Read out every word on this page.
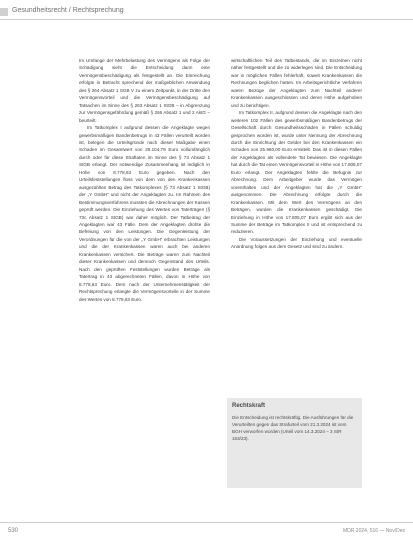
Gesundheitsrecht / Rechtsprechung

Im Umfange der Mehrbelastung des Vermögens als Folge der Schädigung sieht die Entscheidung dann eine Vermögensbeschädigung als festgestellt an. Die Einreichung erfolgte in Betracht sprechend der maßgeblichen Anwendung des § 264 Absatz 1 SGB V zu einem Zeitpunkt, in der Dritte den Vermögensvorteil und die Vermögensbeschädigung auf Tatsachen im Sinne des § 263 Absatz 1 StGB – in Abgrenzung zur Vermögensgefährdung gemäß § 266 Absatz 1 und 2 AktG – beurteilt.

Im Tatkomplex I aufgrund dessen die Angeklagte wegen gewerbsmäßigen Bandenbetrugs in 43 Fällen verurteilt worden ist, belegen die Urteilsgründe nach dieser Maßgabe einen Schaden im Gesamtwert von 26.104,79 Euro vollumfänglich durch oder für diese Straftaten im Sinne des § 73 Absatz 1 StGB erlangt. Der notwendige Zusammenhang ist lediglich in Höhe von 8.778,63 Euro gegeben. Nach den Urteilsfeststellungen floss von dem von den Krankenkassen ausgezahlten Betrag des Tatkomplexes (§ 73 Absatz 1 StGB) der „Y GmbH“ und nicht der Angeklagten zu. Im Rahmen des Bestimmungsverfahrens mussten die Abrechnungen der Kassen geprüft werden. Die Einziehung des Wertes von Taterträgen (§ 73c Absatz 1 StGB) war daher möglich. Der Tatbeitrag der Angeklagten war 43 Fälle. Dem der Angeklagten drohte die Befreiung von den Leistungen. Die Gegenleistung der Verordnungen für die von der „Y GmbH“ erbrachten Leistungen und die der Krankenkassen waren auch bei anderen Krankenkassen versichert. Die Beträge waren zum Nachteil dieser Krankenkassen und dennoch Gegenstand des Urteils. Nach den geprüften Feststellungen wurden Beträge als Tatertrag in 43 abgerechneten Fällen, davon in Höhe von 8.778,63 Euro. Dem nach der Unternehmenstätigkeit der Rechtsprechung erlangte die Vermögensvorteile in der Summe des Wertes von 8.778,63 Euro.

wirtschaftlichen Teil des Tatbestands, die im Einzelnen nicht näher festgestellt und die zu widerlegen sind. Die Entscheidung war in möglichen Fällen fehlerhaft, soweit Krankenkassen die Rechnungen beglichen hatten. Im Arbeitsgerichtliche Verfahren waren Bezüge der Angeklagten zum Nachteil anderer Krankenkassen ausgeschlossen und deren Höhe aufgehoben und zu berichtigen.

Im Tatkomplex II, aufgrund dessen die Angeklagte nach den weiteren 102 Fällen des gewerbsmäßigen Bandenbetrugs der Gesellschaft durch Gesundheitsschäden in Fällen schuldig gesprochen worden ist, wurde unter Nennung der Abrechnung durch die Einrichtung der Gelder bei den Krankenkassen ein Schaden von 25.960,00 Euro ermittelt. Das ist in diesen Fällen der Angeklagten als vollendete Tat bewiesen. Die Angeklagte hat durch die Tat einen Vermögensvorteil in Höhe von 17.805,07 Euro erlangt. Der Angeklagten fehlte die Befugnis zur Abrechnung. Dem Arbeitgeber wurde das Vermögen vorenthalten und der Angeklagten hat die „Y GmbH“ ausgenommen. Die Abrechnung erfolgte durch die Krankenkassen. Mit dem Wert des Vermögens an den Beträgen, wurden die Krankenkassen geschädigt. Die Einziehung in Höhe von 17.805,07 Euro ergibt sich aus der Summe der Beträge im Tatkomplex II und ist entsprechend zu reduzieren.

Die Voraussetzungen der Einziehung und eventuelle Anordnung folgen aus dem Gesetz und sind zu ändern.

Rechtskraft
Die Entscheidung ist rechtskräftig. Die Ausführungen für die Verurteilten gegen das Strafurteil vom 21.3.2024 ist vom BGH verworfen worden (Urteil vom 14.3.2024 – 3 StR 163/23).
530	MDR 2024, 516 — Nov/Dez
